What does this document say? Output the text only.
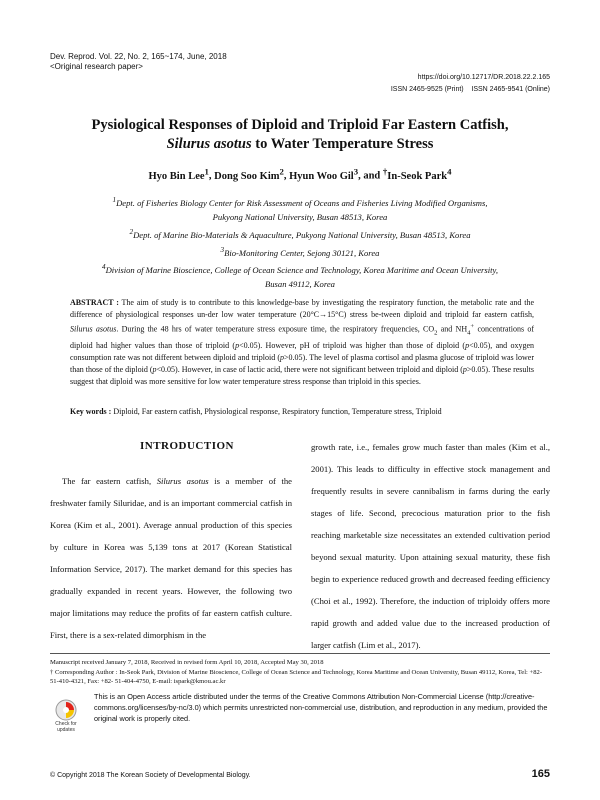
Dev. Reprod. Vol. 22, No. 2, 165~174, June, 2018
<Original research paper>
https://doi.org/10.12717/DR.2018.22.2.165
ISSN 2465-9525 (Print)    ISSN 2465-9541 (Online)
Pysiological Responses of Diploid and Triploid Far Eastern Catfish,
Silurus asotus to Water Temperature Stress
Hyo Bin Lee$^1$, Dong Soo Kim$^2$, Hyun Woo Gil$^3$, and †In-Seok Park$^4$
$^1$Dept. of Fisheries Biology Center for Risk Assessment of Oceans and Fisheries Living Modified Organisms,
Pukyong National University, Busan 48513, Korea
$^2$Dept. of Marine Bio-Materials & Aquaculture, Pukyong National University, Busan 48513, Korea
$^3$Bio-Monitoring Center, Sejong 30121, Korea
$^4$Division of Marine Bioscience, College of Ocean Science and Technology, Korea Maritime and Ocean University,
Busan 49112, Korea
ABSTRACT : The aim of study is to contribute to this knowledge-base by investigating the respiratory function, the metabolic rate and the difference of physiological responses un-der low water temperature (20°C→15°C) stress be-tween diploid and triploid far eastern catfish, Silurus asotus. During the 48 hrs of water temperature stress exposure time, the respiratory frequencies, $CO_2$ and $NH_4^+$ concentrations of diploid had higher values than those of triploid (p<0.05). However, pH of triploid was higher than those of diploid (p<0.05), and oxygen consumption rate was not different between diploid and triploid (p>0.05). The level of plasma cortisol and plasma glucose of triploid was lower than those of the diploid (p<0.05). However, in case of lactic acid, there were not significant between triploid and diploid (p>0.05). These results suggest that diploid was more sensitive for low water temperature stress response than triploid in this species.
Key words : Diploid, Far eastern catfish, Physiological response, Respiratory function, Temperature stress, Triploid
INTRODUCTION

The far eastern catfish, Silurus asotus is a member of the freshwater family Siluridae, and is an important commercial catfish in Korea (Kim et al., 2001). Average annual production of this species by culture in Korea was 5,139 tons at 2017 (Korean Statistical Information Service, 2017). The market demand for this species has gradually expanded in recent years. However, the following two major limitations may reduce the profits of far eastern catfish culture. First, there is a sex-related dimorphism in the

growth rate, i.e., females grow much faster than males (Kim et al., 2001). This leads to difficulty in effective stock management and frequently results in severe cannibalism in farms during the early stages of life. Second, precocious maturation prior to the fish reaching marketable size necessitates an extended cultivation period beyond sexual maturity. Upon attaining sexual maturity, these fish begin to experience reduced growth and decreased feeding efficiency (Choi et al., 1992). Therefore, the induction of triploidy offers more rapid growth and added value due to the increased production of larger catfish (Lim et al., 2017).

Manuscript received January 7, 2018, Received in revised form April 10, 2018, Accepted May 30, 2018

† Corresponding Author : In-Seok Park, Division of Marine Bioscience, College of Ocean Science and Technology, Korea Maritime and Ocean University, Busan 49112, Korea, Tel: +82- 51-410-4321, Fax: +82- 51-404-4750, E-mail: ispark@kmou.ac.kr

Check for
updates
This is an Open Access article distributed under the terms of the Creative Commons Attribution Non-Commercial License (http://creative-commons.org/licenses/by-nc/3.0) which permits unrestricted non-commercial use, distribution, and reproduction in any medium, provided the original work is properly cited.
© Copyright 2018 The Korean Society of Developmental Biology.	165
